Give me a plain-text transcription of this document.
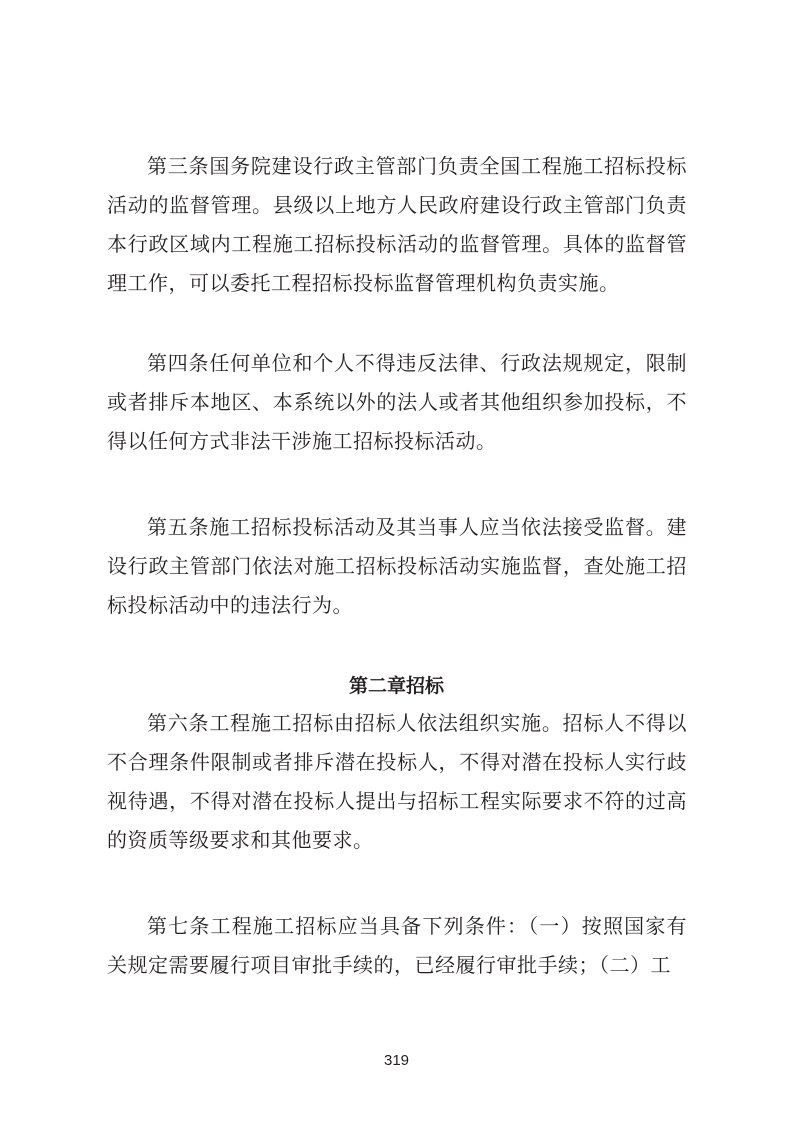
第三条国务院建设行政主管部门负责全国工程施工招标投标活动的监督管理。县级以上地方人民政府建设行政主管部门负责本行政区域内工程施工招标投标活动的监督管理。具体的监督管理工作，可以委托工程招标投标监督管理机构负责实施。

第四条任何单位和个人不得违反法律、行政法规规定，限制或者排斥本地区、本系统以外的法人或者其他组织参加投标，不得以任何方式非法干涉施工招标投标活动。

第五条施工招标投标活动及其当事人应当依法接受监督。建设行政主管部门依法对施工招标投标活动实施监督，查处施工招标投标活动中的违法行为。

第二章招标

第六条工程施工招标由招标人依法组织实施。招标人不得以不合理条件限制或者排斥潜在投标人，不得对潜在投标人实行歧视待遇，不得对潜在投标人提出与招标工程实际要求不符的过高的资质等级要求和其他要求。

第七条工程施工招标应当具备下列条件：（一）按照国家有关规定需要履行项目审批手续的，已经履行审批手续；（二）工

319
